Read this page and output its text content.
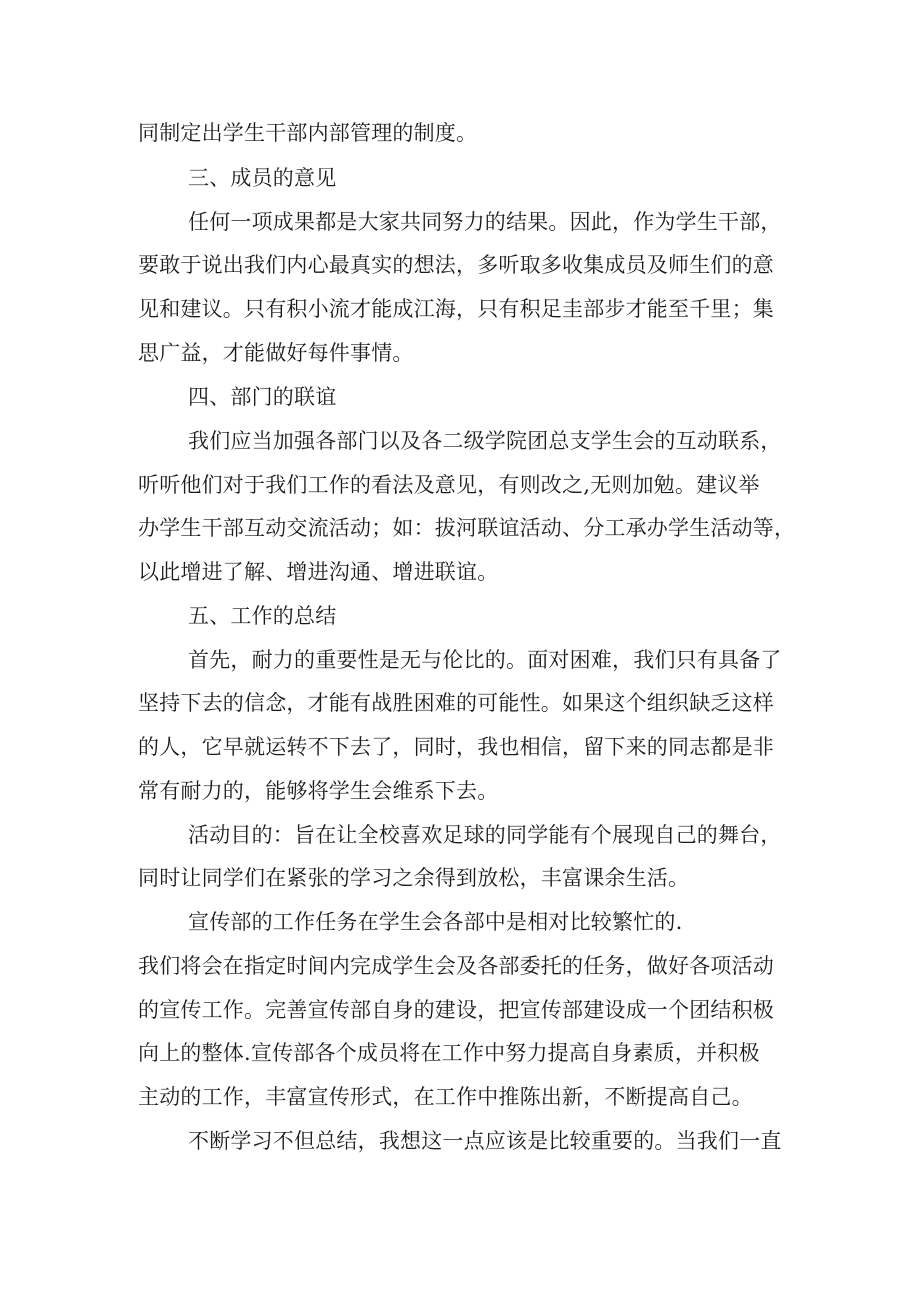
同制定出学生干部内部管理的制度。
三、成员的意见
任何一项成果都是大家共同努力的结果。因此，作为学生干部，
要敢于说出我们内心最真实的想法，多听取多收集成员及师生们的意
见和建议。只有积小流才能成江海，只有积足圭部步才能至千里；集
思广益，才能做好每件事情。
四、部门的联谊
我们应当加强各部门以及各二级学院团总支学生会的互动联系，
听听他们对于我们工作的看法及意见，有则改之,无则加勉。建议举
办学生干部互动交流活动；如：拔河联谊活动、分工承办学生活动等，
以此增进了解、增进沟通、增进联谊。
五、工作的总结
首先，耐力的重要性是无与伦比的。面对困难，我们只有具备了
坚持下去的信念，才能有战胜困难的可能性。如果这个组织缺乏这样
的人，它早就运转不下去了，同时，我也相信，留下来的同志都是非
常有耐力的，能够将学生会维系下去。
活动目的：旨在让全校喜欢足球的同学能有个展现自己的舞台，
同时让同学们在紧张的学习之余得到放松，丰富课余生活。
宣传部的工作任务在学生会各部中是相对比较繁忙的.
我们将会在指定时间内完成学生会及各部委托的任务，做好各项活动
的宣传工作。完善宣传部自身的建设，把宣传部建设成一个团结积极
向上的整体.宣传部各个成员将在工作中努力提高自身素质，并积极
主动的工作，丰富宣传形式，在工作中推陈出新，不断提高自己。
不断学习不但总结，我想这一点应该是比较重要的。当我们一直
